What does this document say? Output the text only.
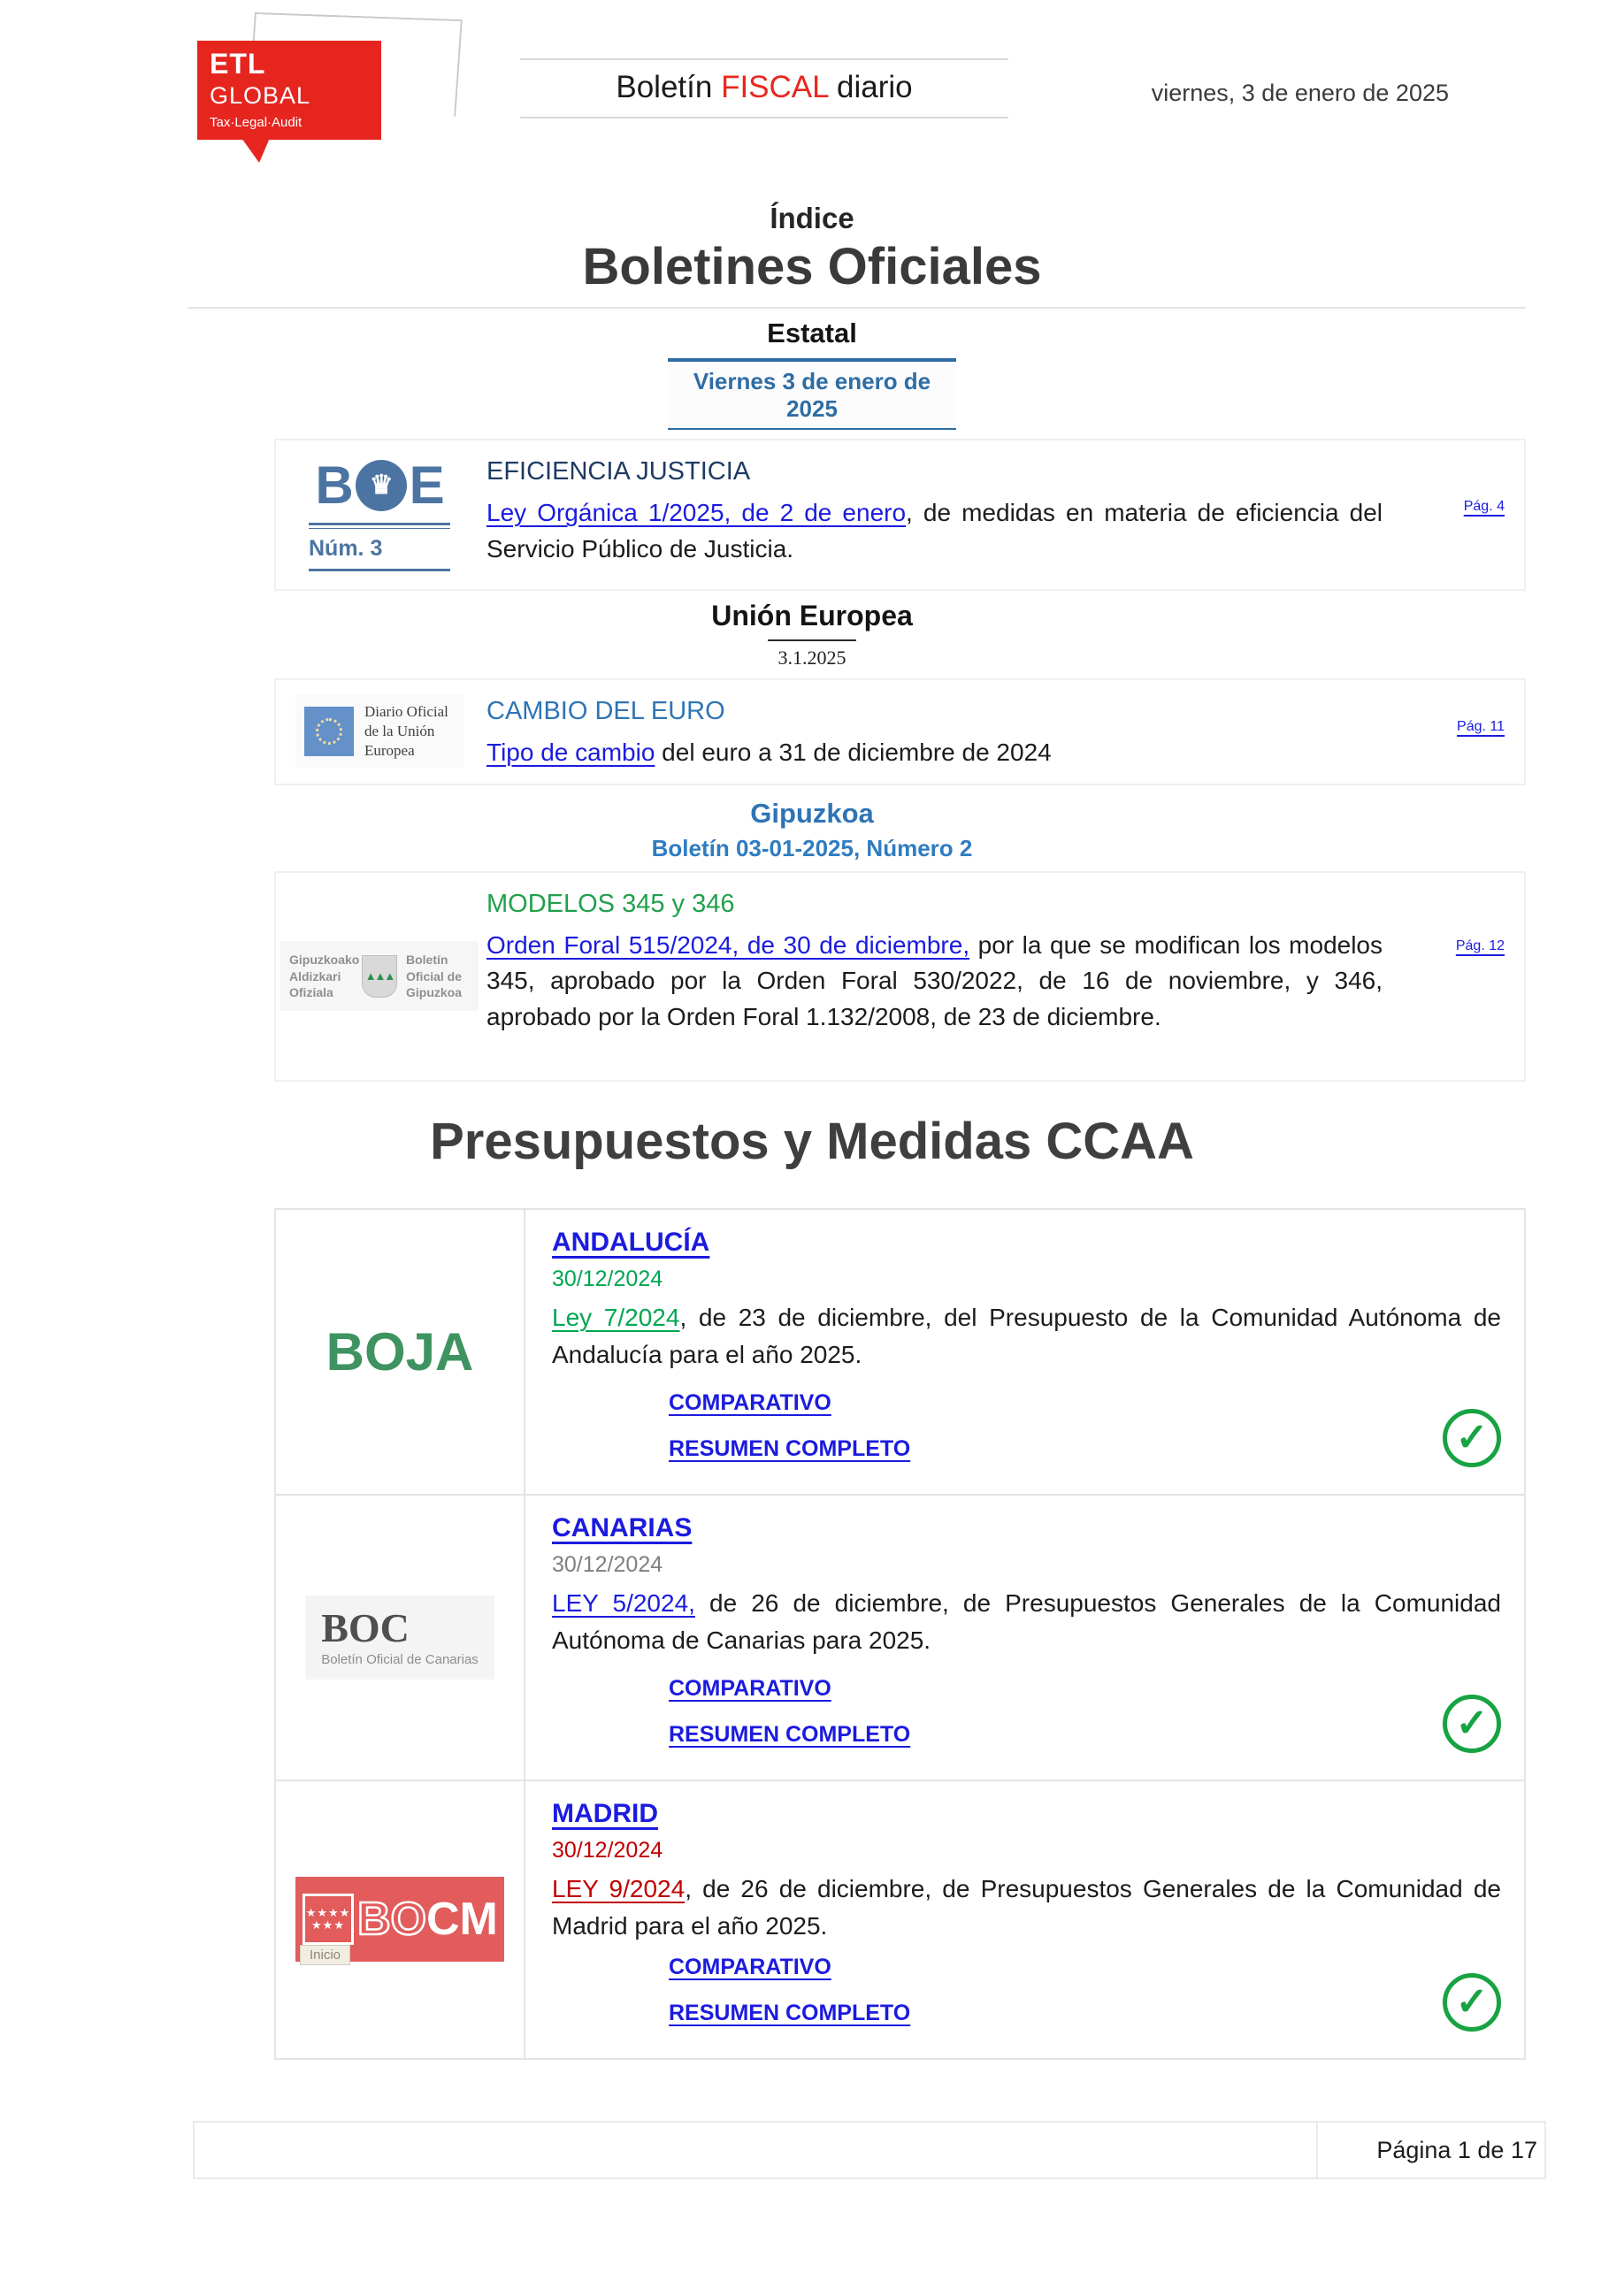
ETL
GLOBAL
Tax·Legal·Audit
Boletín FISCAL diario	viernes, 3 de enero de 2025
Índice
Boletines Oficiales
Estatal
Viernes 3 de enero de 2025
B ♛ E
Núm. 3
EFICIENCIA JUSTICIA
Ley Orgánica 1/2025, de 2 de enero, de medidas en materia de eficiencia del Servicio Público de Justicia.
Pág. 4
Unión Europea
3.1.2025
Diario Oficial
de la Unión Europea
CAMBIO DEL EURO
Tipo de cambio del euro a 31 de diciembre de 2024
Pág. 11
Gipuzkoa
Boletín 03-01-2025, Número 2
Gipuzkoako Aldizkari Ofiziala
▲▲▲
Boletín Oficial de Gipuzkoa
MODELOS 345 y 346
Orden Foral 515/2024, de 30 de diciembre, por la que se modifican los modelos 345, aprobado por la Orden Foral 530/2022, de 16 de noviembre, y 346, aprobado por la Orden Foral 1.132/2008, de 23 de diciembre.
Pág. 12
Presupuestos y Medidas CCAA
BOJA
ANDALUCÍA
30/12/2024
Ley 7/2024, de 23 de diciembre, del Presupuesto de la Comunidad Autónoma de Andalucía para el año 2025.
COMPARATIVO
RESUMEN COMPLETO	✓
BOC
Boletín Oficial de Canarias
CANARIAS
30/12/2024
LEY 5/2024, de 26 de diciembre, de Presupuestos Generales de la Comunidad Autónoma de Canarias para 2025.
COMPARATIVO
RESUMEN COMPLETO	✓
★★★★
★★★ BOCM
Inicio
MADRID
30/12/2024
LEY 9/2024, de 26 de diciembre, de Presupuestos Generales de la Comunidad de Madrid para el año 2025.
COMPARATIVO
RESUMEN COMPLETO	✓
Página 1 de 17
